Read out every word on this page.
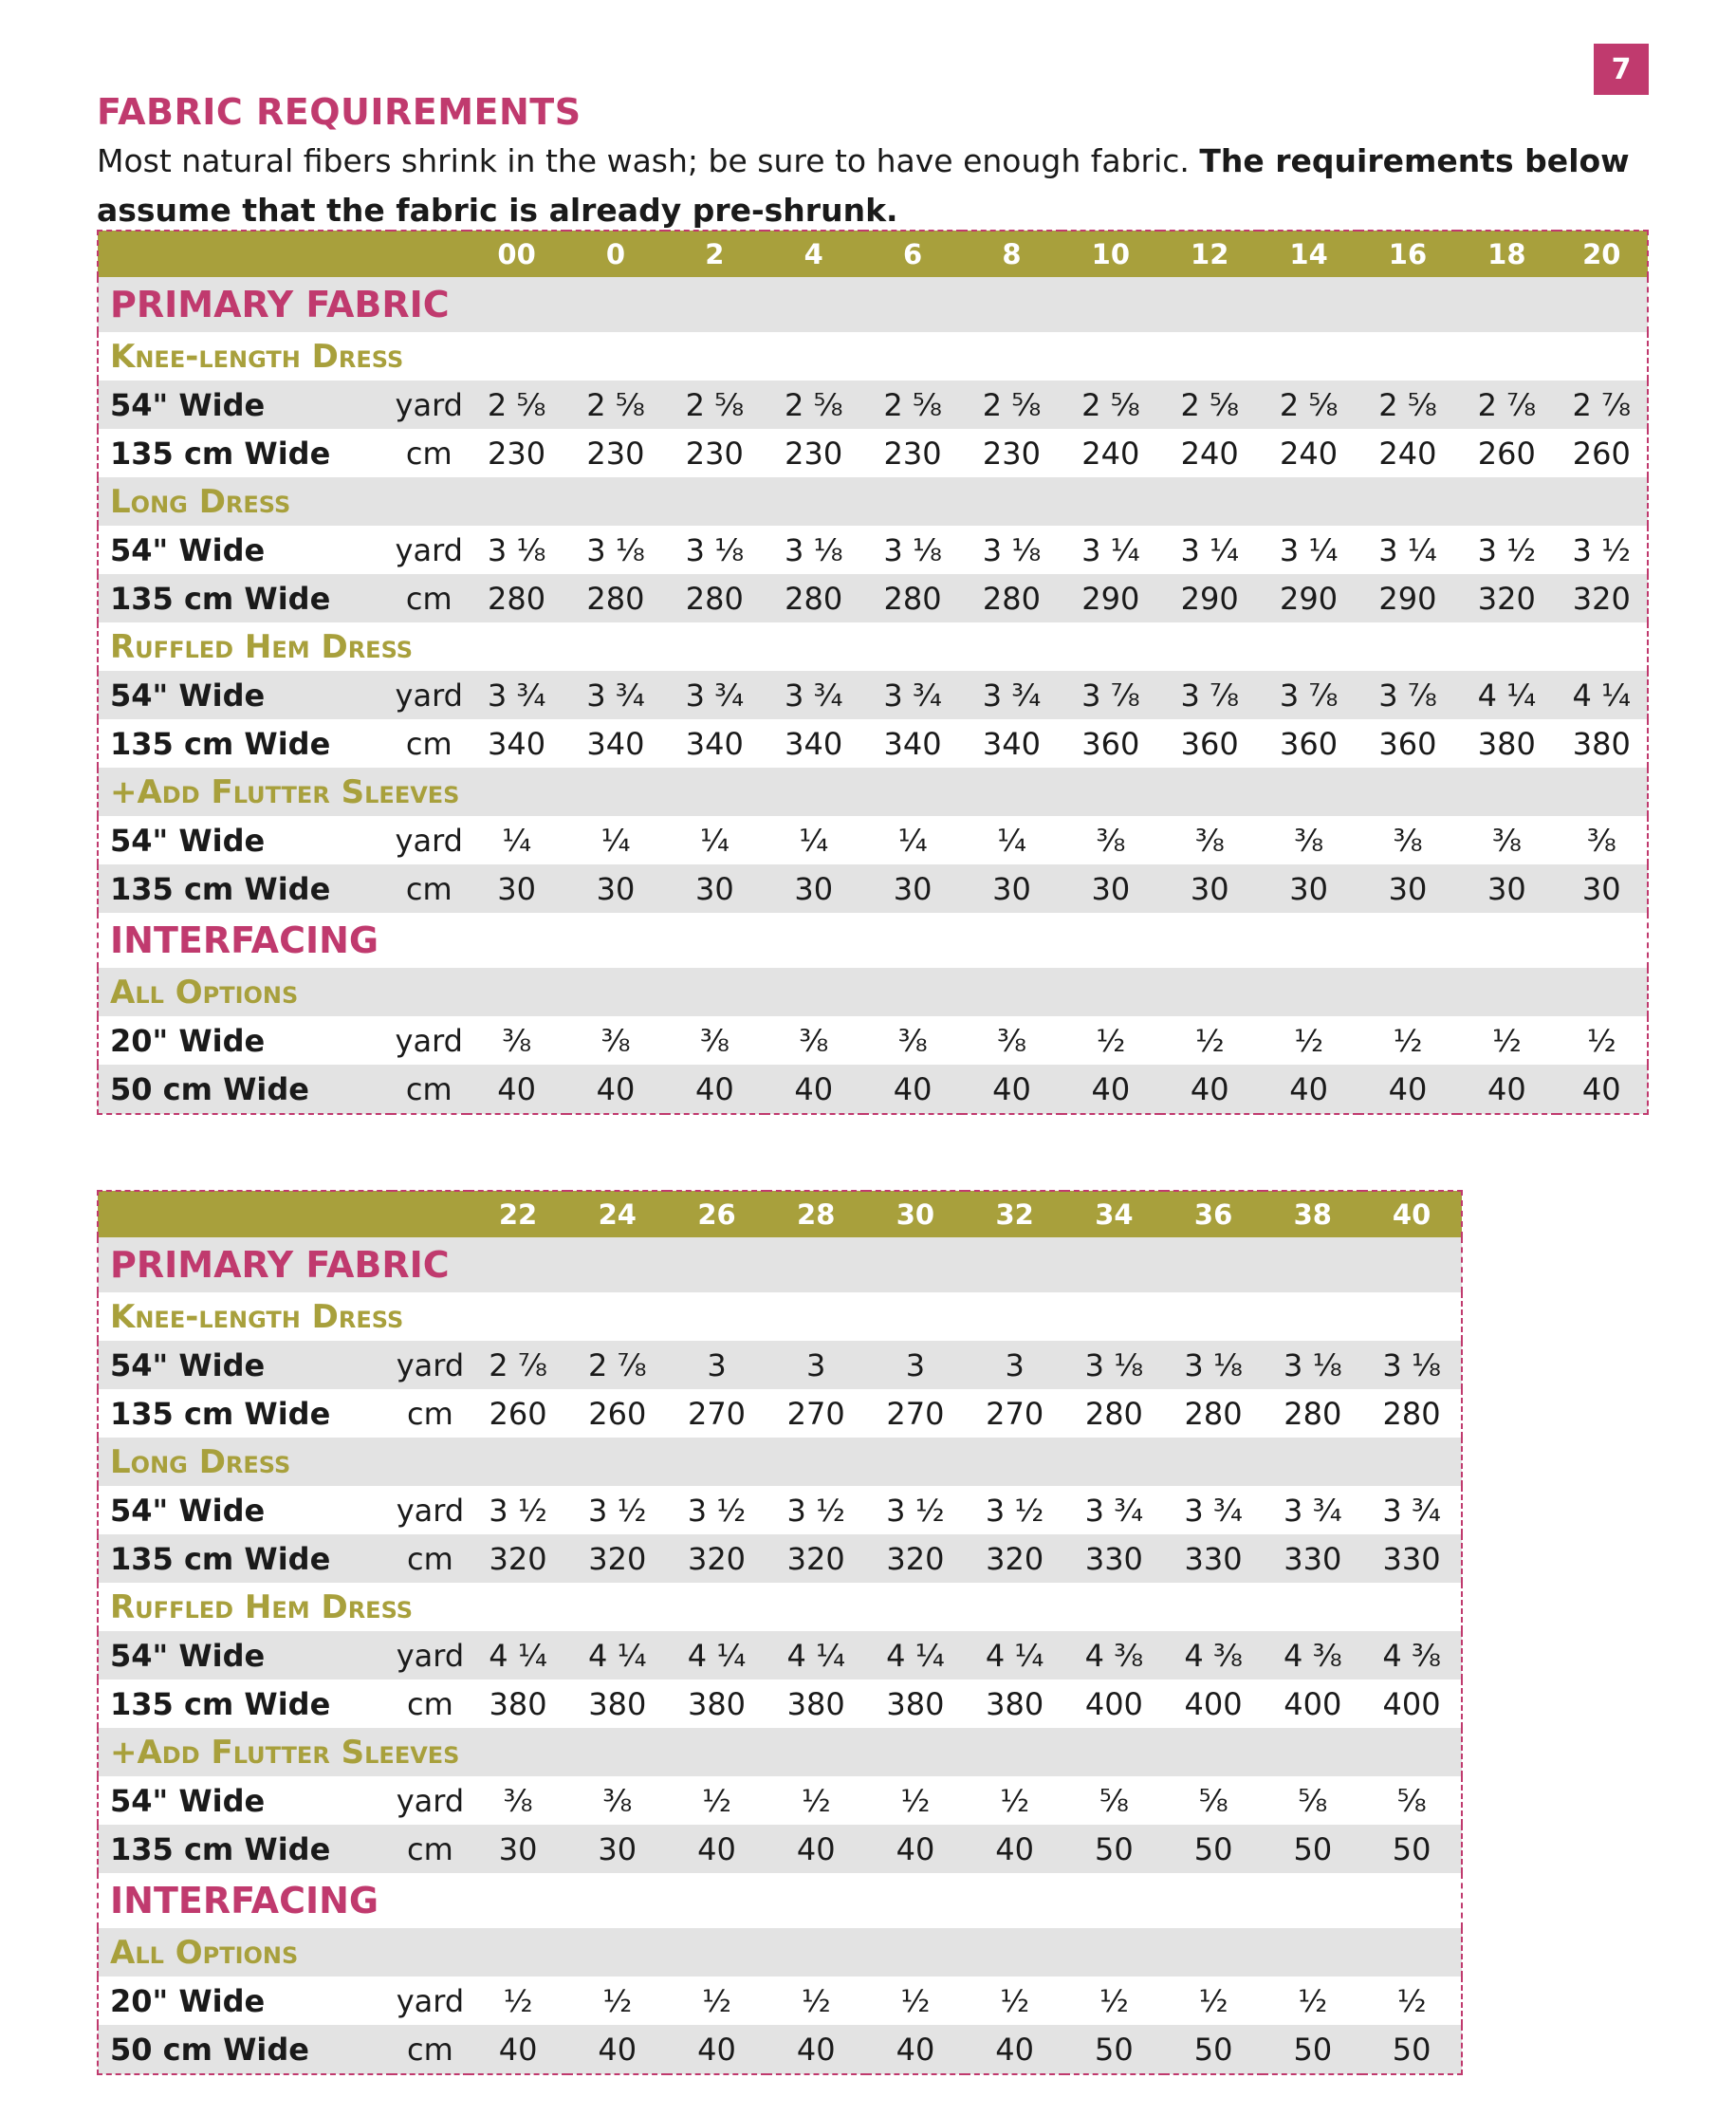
7
FABRIC REQUIREMENTS

Most natural fibers shrink in the wash; be sure to have enough fabric. The requirements below assume that the fabric is already pre-shrunk.

		00	0	2	4	6	8	10	12	14	16	18	20
PRIMARY FABRIC													
Knee-length Dress													
54" Wide	yard	2 ⅝	2 ⅝	2 ⅝	2 ⅝	2 ⅝	2 ⅝	2 ⅝	2 ⅝	2 ⅝	2 ⅝	2 ⅞	2 ⅞
135 cm Wide	cm	230	230	230	230	230	230	240	240	240	240	260	260
Long Dress													
54" Wide	yard	3 ⅛	3 ⅛	3 ⅛	3 ⅛	3 ⅛	3 ⅛	3 ¼	3 ¼	3 ¼	3 ¼	3 ½	3 ½
135 cm Wide	cm	280	280	280	280	280	280	290	290	290	290	320	320
Ruffled Hem Dress													
54" Wide	yard	3 ¾	3 ¾	3 ¾	3 ¾	3 ¾	3 ¾	3 ⅞	3 ⅞	3 ⅞	3 ⅞	4 ¼	4 ¼
135 cm Wide	cm	340	340	340	340	340	340	360	360	360	360	380	380
+Add Flutter Sleeves													
54" Wide	yard	¼	¼	¼	¼	¼	¼	⅜	⅜	⅜	⅜	⅜	⅜
135 cm Wide	cm	30	30	30	30	30	30	30	30	30	30	30	30
INTERFACING													
All Options													
20" Wide	yard	⅜	⅜	⅜	⅜	⅜	⅜	½	½	½	½	½	½
50 cm Wide	cm	40	40	40	40	40	40	40	40	40	40	40	40
		22	24	26	28	30	32	34	36	38	40
PRIMARY FABRIC											
Knee-length Dress											
54" Wide	yard	2 ⅞	2 ⅞	3	3	3	3	3 ⅛	3 ⅛	3 ⅛	3 ⅛
135 cm Wide	cm	260	260	270	270	270	270	280	280	280	280
Long Dress											
54" Wide	yard	3 ½	3 ½	3 ½	3 ½	3 ½	3 ½	3 ¾	3 ¾	3 ¾	3 ¾
135 cm Wide	cm	320	320	320	320	320	320	330	330	330	330
Ruffled Hem Dress											
54" Wide	yard	4 ¼	4 ¼	4 ¼	4 ¼	4 ¼	4 ¼	4 ⅜	4 ⅜	4 ⅜	4 ⅜
135 cm Wide	cm	380	380	380	380	380	380	400	400	400	400
+Add Flutter Sleeves											
54" Wide	yard	⅜	⅜	½	½	½	½	⅝	⅝	⅝	⅝
135 cm Wide	cm	30	30	40	40	40	40	50	50	50	50
INTERFACING											
All Options											
20" Wide	yard	½	½	½	½	½	½	½	½	½	½
50 cm Wide	cm	40	40	40	40	40	40	50	50	50	50
